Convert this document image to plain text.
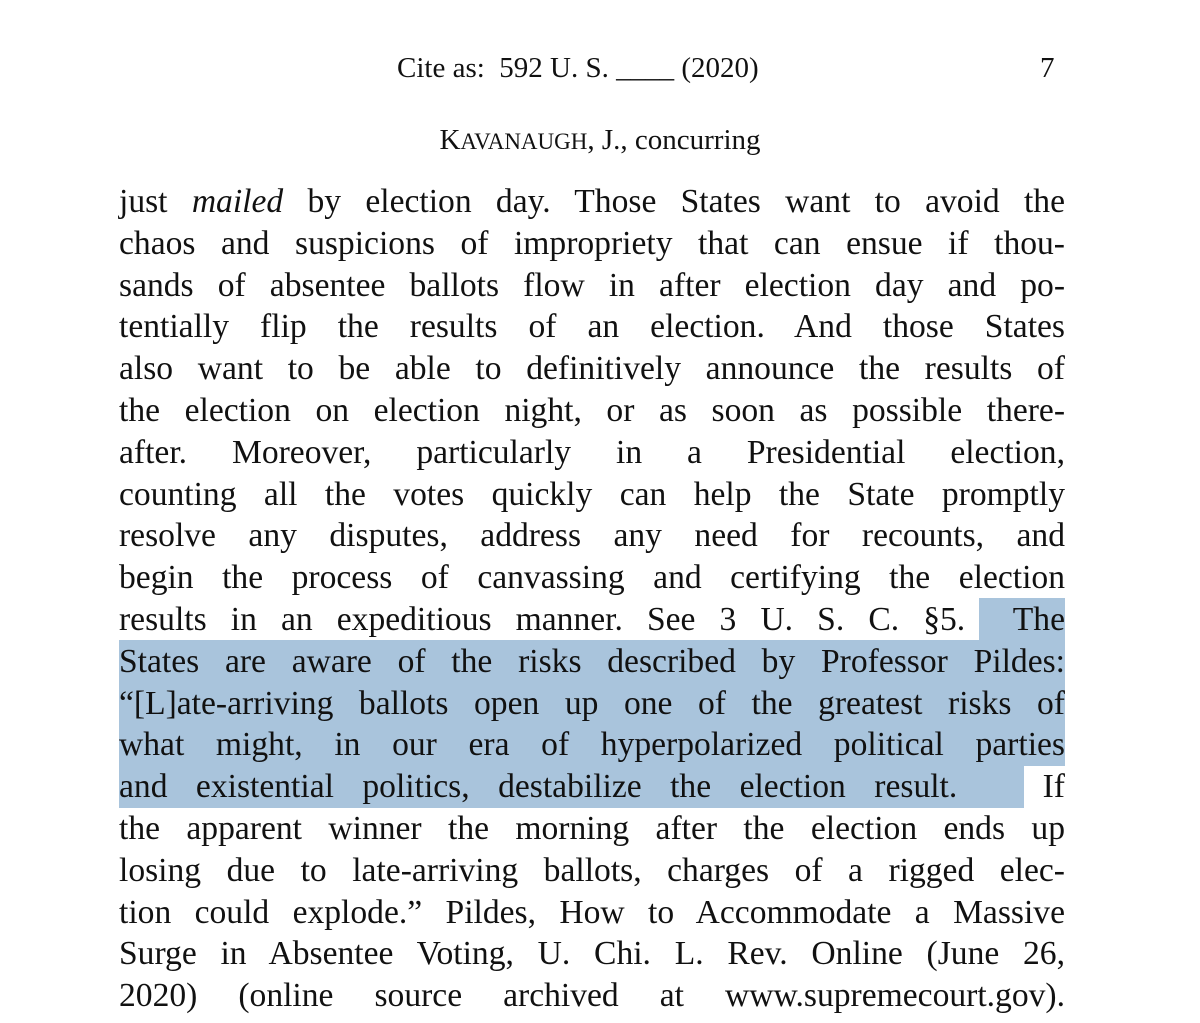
Cite as:  592 U. S. ____ (2020)	7
KAVANAUGH, J., concurring
just mailed by election day. Those States want to avoid the
chaos and suspicions of impropriety that can ensue if thou-
sands of absentee ballots flow in after election day and po-
tentially flip the results of an election. And those States
also want to be able to definitively announce the results of
the election on election night, or as soon as possible there-
after. Moreover, particularly in a Presidential election,
counting all the votes quickly can help the State promptly
resolve any disputes, address any need for recounts, and
begin the process of canvassing and certifying the election
results in an expeditious manner. See 3 U. S. C. §5.  The
States are aware of the risks described by Professor Pildes:
“[L]ate-arriving ballots open up one of the greatest risks of
what might, in our era of hyperpolarized political parties
and existential politics, destabilize the election result.   If
the apparent winner the morning after the election ends up
losing due to late-arriving ballots, charges of a rigged elec-
tion could explode.” Pildes, How to Accommodate a Massive
Surge in Absentee Voting, U. Chi. L. Rev. Online (June 26,
2020) (online source archived at www.supremecourt.gov).
